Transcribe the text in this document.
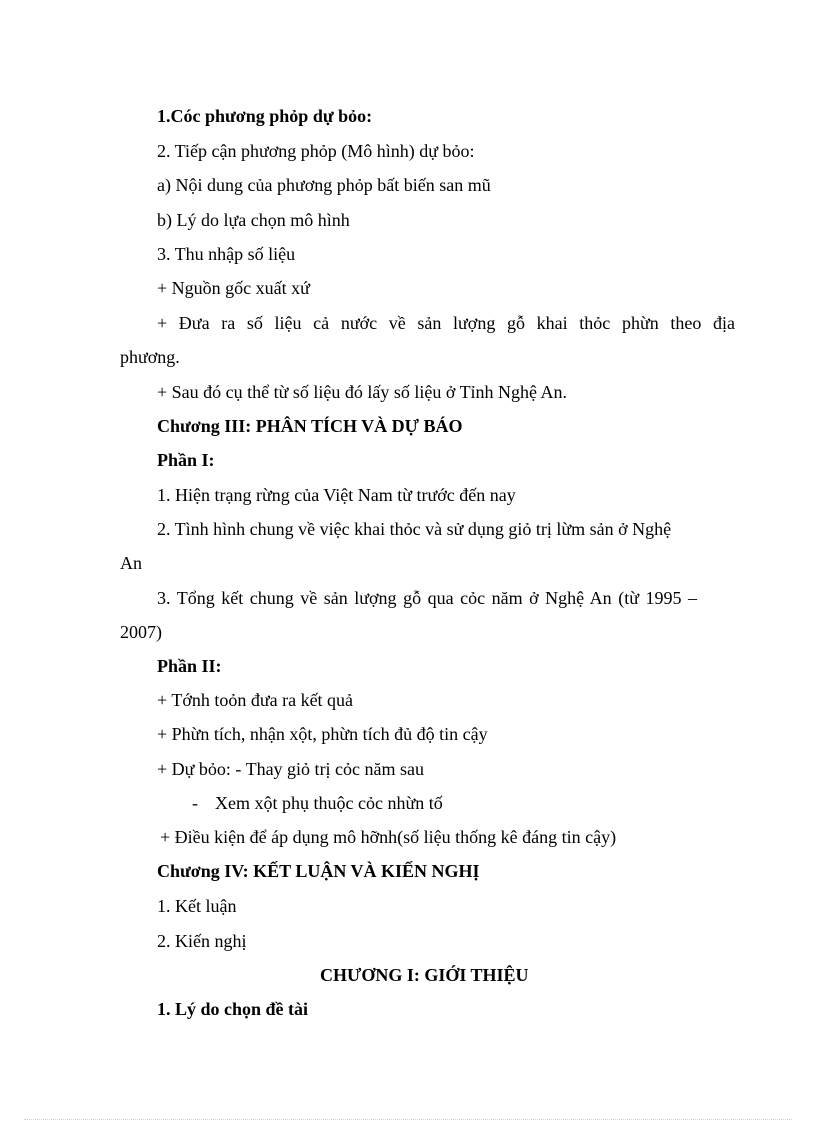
1.Cóc phương phỏp dự bỏo:
2. Tiếp cận phương phỏp (Mô hình) dự bỏo:
a) Nội dung của phương phỏp bất biến san mũ
b) Lý do lựa chọn mô hình
3. Thu nhập số liệu
+ Nguồn gốc xuất xứ
+ Đưa ra số liệu cả nước về sản lượng gỗ khai thỏc phừn theo địa
phương.
+ Sau đó cụ thể từ số liệu đó lấy số liệu ở Tỉnh Nghệ An.
Chương III: PHÂN TÍCH VÀ DỰ BÁO
Phần I:
1. Hiện trạng rừng của Việt Nam từ trước đến nay
2. Tình hình chung về việc khai thỏc và sử dụng giỏ trị lừm sản ở Nghệ
An
3. Tổng kết chung về sản lượng gỗ qua cỏc năm ở Nghệ An (từ 1995 –
2007)
Phần II:
+ Tớnh toỏn đưa ra kết quả
+ Phừn tích, nhận xột, phừn tích đủ độ tin cậy
+ Dự bỏo: - Thay giỏ trị cỏc năm sau
- Xem xột phụ thuộc cỏc nhừn tố
+ Điều kiện để áp dụng mô hỡnh(số liệu thống kê đáng tin cậy)
Chương IV: KẾT LUẬN VÀ KIẾN NGHỊ
1. Kết luận
2. Kiến nghị
CHƯƠNG I: GIỚI THIỆU
1. Lý do chọn đề tài
